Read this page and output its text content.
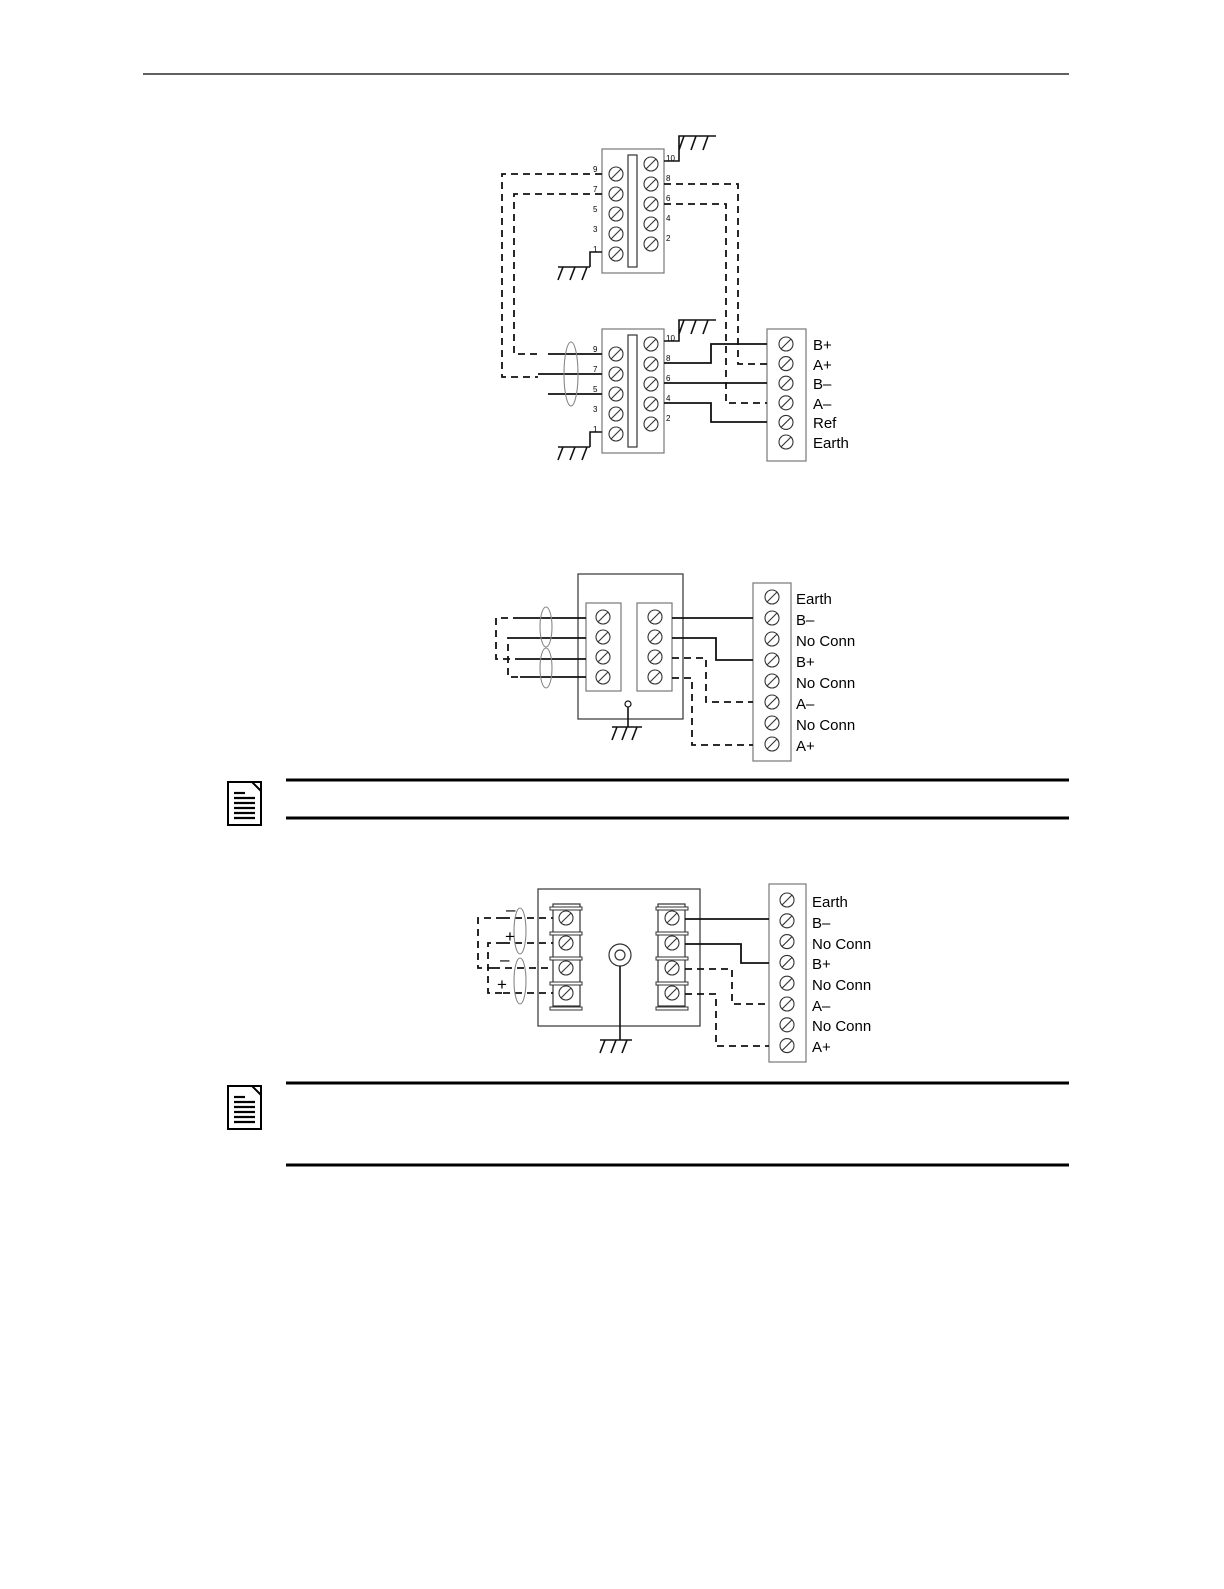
9
7
5
3
1
10
8
6
4
2
9
7
5
3
1
10
8
6
4
2
B+
A+
B–
A–
Ref
Earth
Earth
B–
No Conn
B+
No Conn
A–
No Conn
A+
Earth
B–
No Conn
B+
No Conn
A–
No Conn
A+
–
+
–
+
